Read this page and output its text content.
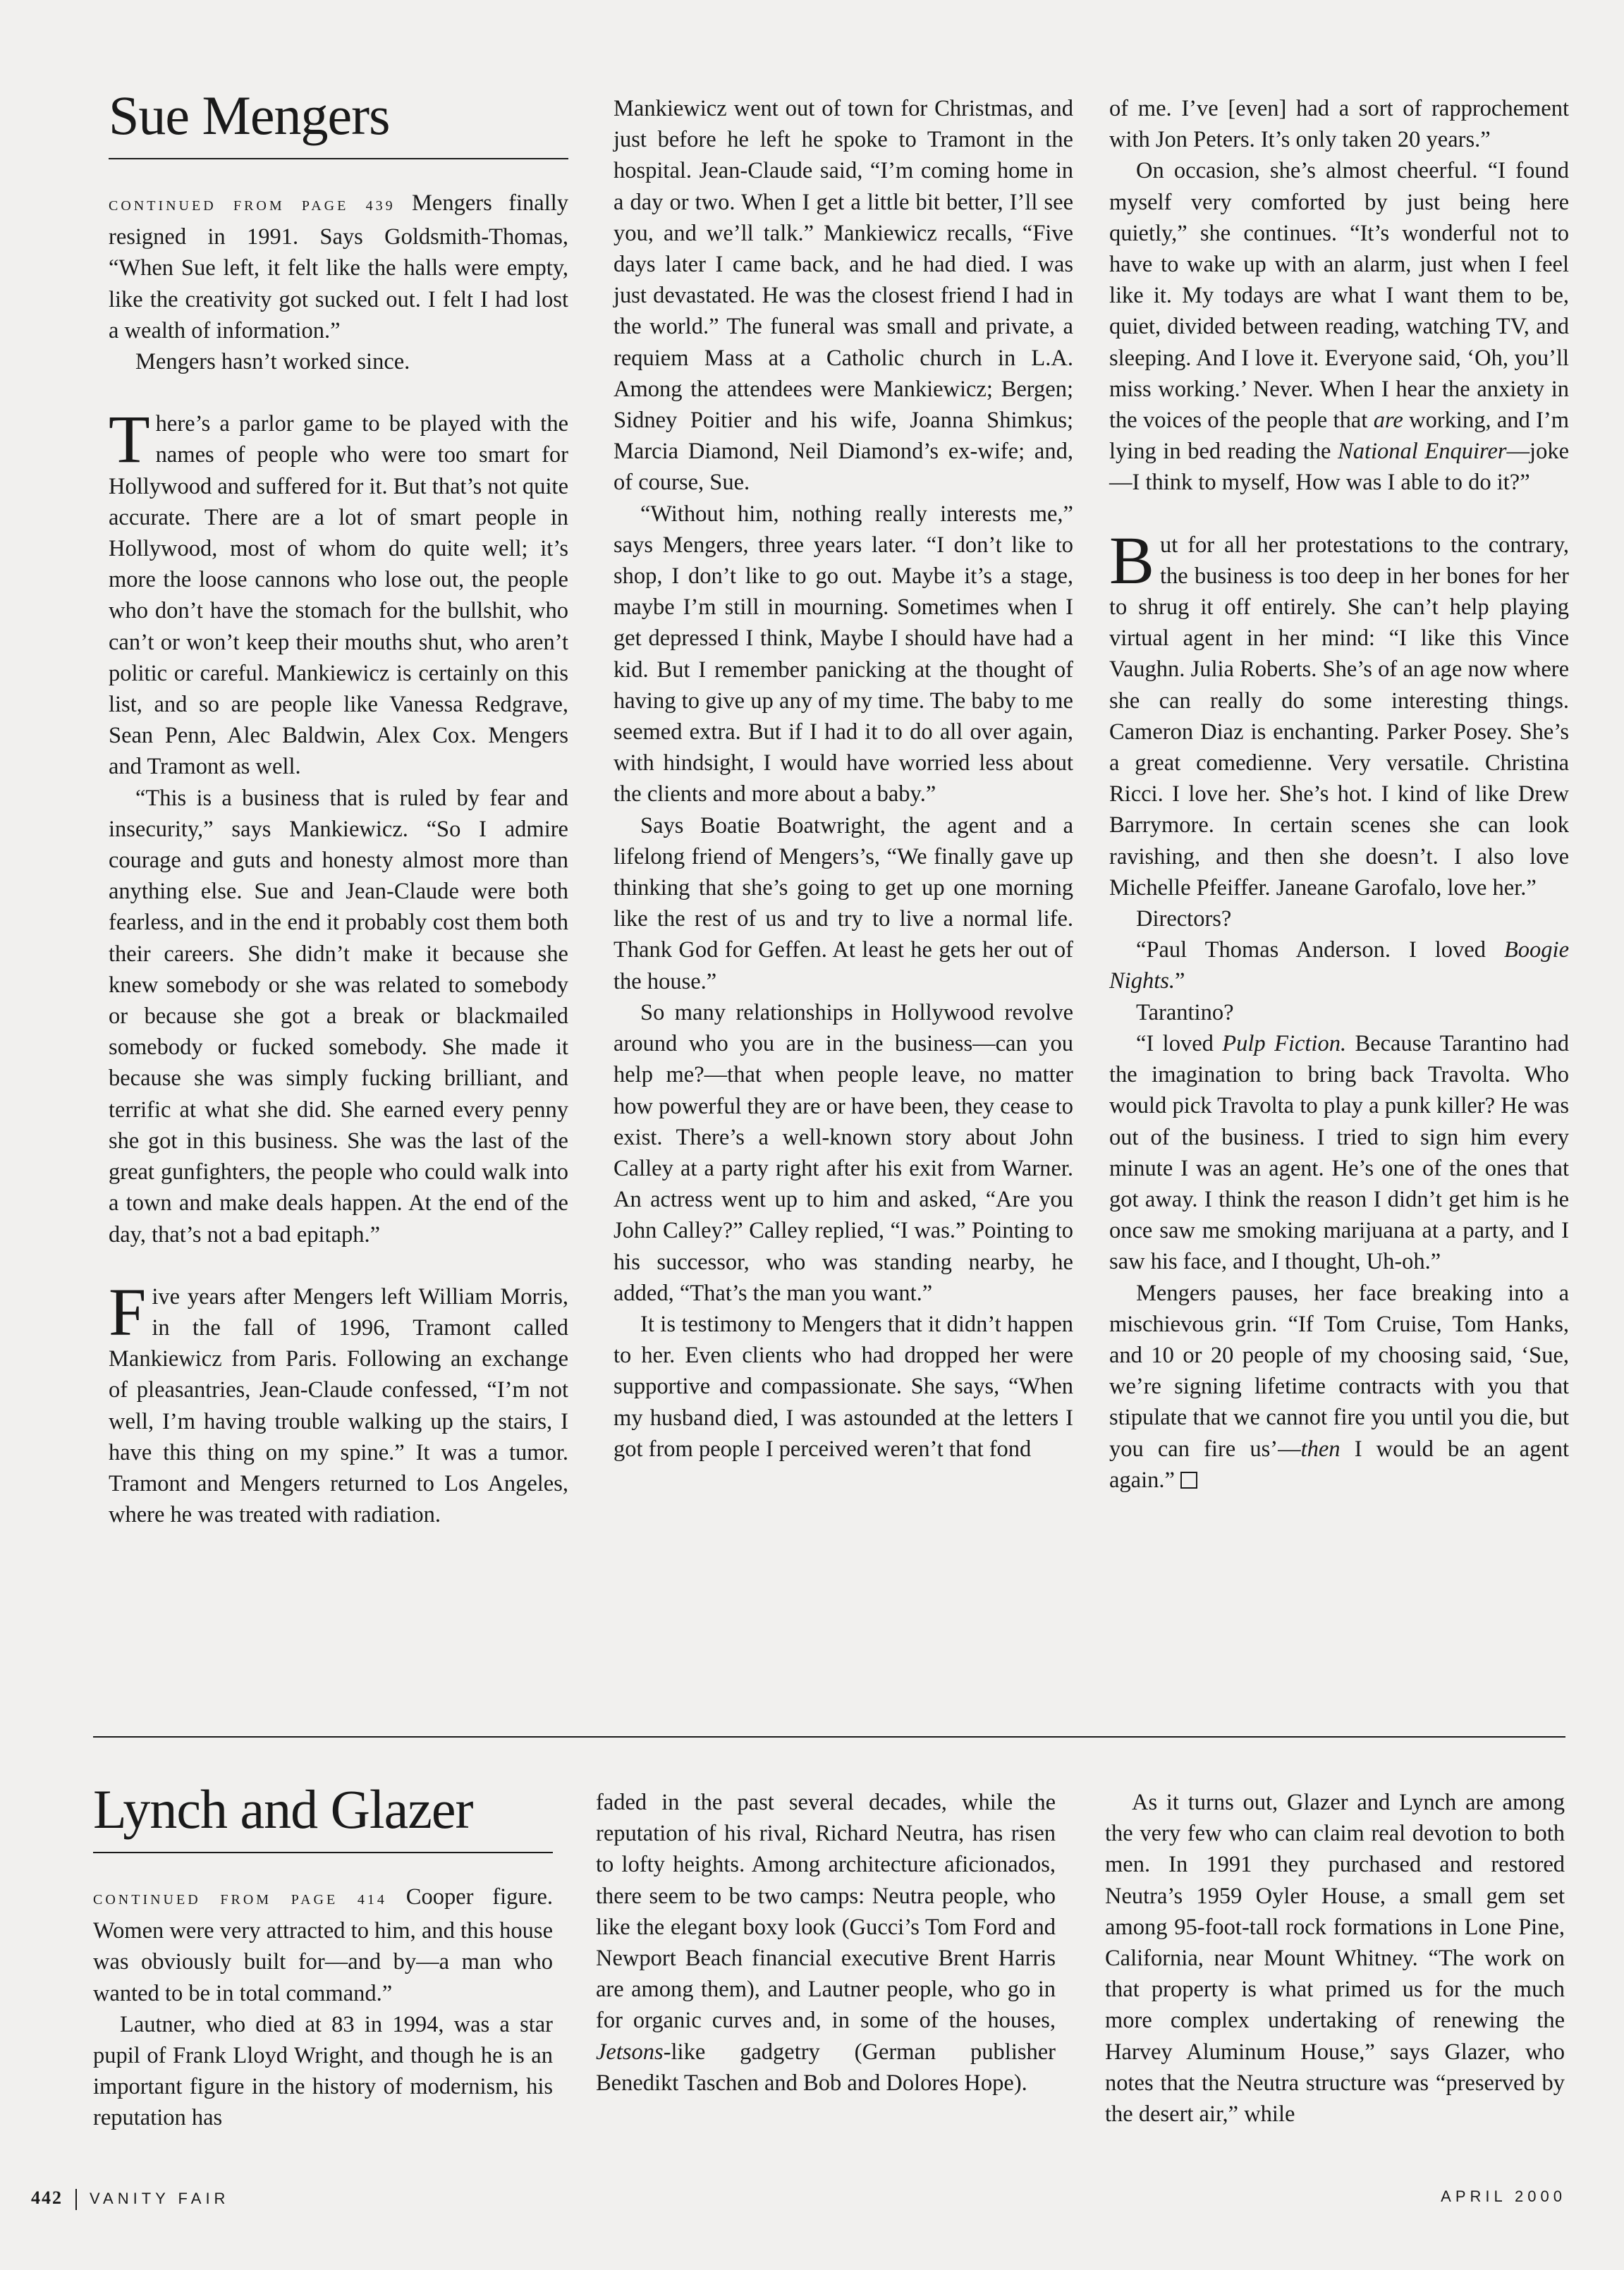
Sue Mengers

CONTINUED FROM PAGE 439 Mengers finally resigned in 1991. Says Goldsmith-Thomas, “When Sue left, it felt like the halls were empty, like the creativity got sucked out. I felt I had lost a wealth of information.”

Mengers hasn’t worked since.

There’s a parlor game to be played with the names of people who were too smart for Hollywood and suffered for it. But that’s not quite accurate. There are a lot of smart people in Hollywood, most of whom do quite well; it’s more the loose cannons who lose out, the people who don’t have the stomach for the bullshit, who can’t or won’t keep their mouths shut, who aren’t politic or careful. Mankiewicz is certainly on this list, and so are people like Vanessa Redgrave, Sean Penn, Alec Baldwin, Alex Cox. Mengers and Tramont as well.

“This is a business that is ruled by fear and insecurity,” says Mankiewicz. “So I admire courage and guts and honesty almost more than anything else. Sue and Jean-Claude were both fearless, and in the end it probably cost them both their careers. She didn’t make it because she knew somebody or she was related to somebody or because she got a break or blackmailed somebody or fucked somebody. She made it because she was simply fucking brilliant, and terrific at what she did. She earned every penny she got in this business. She was the last of the great gunfighters, the people who could walk into a town and make deals happen. At the end of the day, that’s not a bad epitaph.”

Five years after Mengers left William Morris, in the fall of 1996, Tramont called Mankiewicz from Paris. Following an exchange of pleasantries, Jean-Claude confessed, “I’m not well, I’m having trouble walking up the stairs, I have this thing on my spine.” It was a tumor. Tramont and Mengers returned to Los Angeles, where he was treated with radiation.

Mankiewicz went out of town for Christmas, and just before he left he spoke to Tramont in the hospital. Jean-Claude said, “I’m coming home in a day or two. When I get a little bit better, I’ll see you, and we’ll talk.” Mankiewicz recalls, “Five days later I came back, and he had died. I was just devastated. He was the closest friend I had in the world.” The funeral was small and private, a requiem Mass at a Catholic church in L.A. Among the attendees were Mankiewicz; Bergen; Sidney Poitier and his wife, Joanna Shimkus; Marcia Diamond, Neil Diamond’s ex-wife; and, of course, Sue.

“Without him, nothing really interests me,” says Mengers, three years later. “I don’t like to shop, I don’t like to go out. Maybe it’s a stage, maybe I’m still in mourning. Sometimes when I get depressed I think, Maybe I should have had a kid. But I remember panicking at the thought of having to give up any of my time. The baby to me seemed extra. But if I had it to do all over again, with hindsight, I would have worried less about the clients and more about a baby.”

Says Boatie Boatwright, the agent and a lifelong friend of Mengers’s, “We finally gave up thinking that she’s going to get up one morning like the rest of us and try to live a normal life. Thank God for Geffen. At least he gets her out of the house.”

So many relationships in Hollywood revolve around who you are in the business—can you help me?—that when people leave, no matter how powerful they are or have been, they cease to exist. There’s a well-known story about John Calley at a party right after his exit from Warner. An actress went up to him and asked, “Are you John Calley?” Calley replied, “I was.” Pointing to his successor, who was standing nearby, he added, “That’s the man you want.”

It is testimony to Mengers that it didn’t happen to her. Even clients who had dropped her were supportive and compassionate. She says, “When my husband died, I was astounded at the letters I got from people I perceived weren’t that fond

of me. I’ve [even] had a sort of rapprochement with Jon Peters. It’s only taken 20 years.”

On occasion, she’s almost cheerful. “I found myself very comforted by just being here quietly,” she continues. “It’s wonderful not to have to wake up with an alarm, just when I feel like it. My todays are what I want them to be, quiet, divided between reading, watching TV, and sleeping. And I love it. Everyone said, ‘Oh, you’ll miss working.’ Never. When I hear the anxiety in the voices of the people that are working, and I’m lying in bed reading the National Enquirer—joke—I think to myself, How was I able to do it?”

But for all her protestations to the contrary, the business is too deep in her bones for her to shrug it off entirely. She can’t help playing virtual agent in her mind: “I like this Vince Vaughn. Julia Roberts. She’s of an age now where she can really do some interesting things. Cameron Diaz is enchanting. Parker Posey. She’s a great comedienne. Very versatile. Christina Ricci. I love her. She’s hot. I kind of like Drew Barrymore. In certain scenes she can look ravishing, and then she doesn’t. I also love Michelle Pfeiffer. Janeane Garofalo, love her.”

Directors?

“Paul Thomas Anderson. I loved Boogie Nights.”

Tarantino?

“I loved Pulp Fiction. Because Tarantino had the imagination to bring back Travolta. Who would pick Travolta to play a punk killer? He was out of the business. I tried to sign him every minute I was an agent. He’s one of the ones that got away. I think the reason I didn’t get him is he once saw me smoking marijuana at a party, and I saw his face, and I thought, Uh-oh.”

Mengers pauses, her face breaking into a mischievous grin. “If Tom Cruise, Tom Hanks, and 10 or 20 people of my choosing said, ‘Sue, we’re signing lifetime contracts with you that stipulate that we cannot fire you until you die, but you can fire us’—then I would be an agent again.”

Lynch and Glazer

CONTINUED FROM PAGE 414 Cooper figure. Women were very attracted to him, and this house was obviously built for—and by—a man who wanted to be in total command.”

Lautner, who died at 83 in 1994, was a star pupil of Frank Lloyd Wright, and though he is an important figure in the history of modernism, his reputation has

faded in the past several decades, while the reputation of his rival, Richard Neutra, has risen to lofty heights. Among architecture aficionados, there seem to be two camps: Neutra people, who like the elegant boxy look (Gucci’s Tom Ford and Newport Beach financial executive Brent Harris are among them), and Lautner people, who go in for organic curves and, in some of the houses, Jetsons-like gadgetry (German publisher Benedikt Taschen and Bob and Dolores Hope).

As it turns out, Glazer and Lynch are among the very few who can claim real devotion to both men. In 1991 they purchased and restored Neutra’s 1959 Oyler House, a small gem set among 95-foot-tall rock formations in Lone Pine, California, near Mount Whitney. “The work on that property is what primed us for the much more complex undertaking of renewing the Harvey Aluminum House,” says Glazer, who notes that the Neutra structure was “preserved by the desert air,” while

442 VANITY FAIR	APRIL 2000
